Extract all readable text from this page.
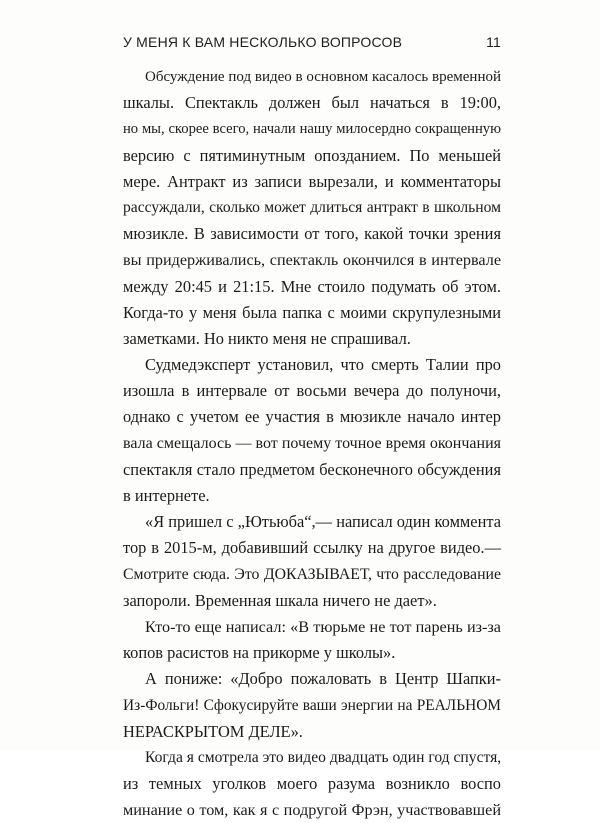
У МЕНЯ К ВАМ НЕСКОЛЬКО ВОПРОСОВ	11
Обсуждение под видео в основном касалось временной
шкалы. Спектакль должен был начаться в 19:00,
но мы, скорее всего, начали нашу милосердно сокращенную
версию с пятиминутным опозданием. По меньшей
мере. Антракт из записи вырезали, и комментаторы
рассуждали, сколько может длиться антракт в школьном
мюзикле. В зависимости от того, какой точки зрения
вы придерживались, спектакль окончился в интервале
между 20:45 и 21:15. Мне стоило подумать об этом.
Когда-то у меня была папка с моими скрупулезными
заметками. Но никто меня не спрашивал.
Судмедэксперт установил, что смерть Талии про
изошла в интервале от восьми вечера до полуночи,
однако с учетом ее участия в мюзикле начало интер
вала смещалось — вот почему точное время окончания
спектакля стало предметом бесконечного обсуждения
в интернете.
«Я пришел с „Ютьюба“,— написал один коммента
тор в 2015-м, добавивший ссылку на другое видео.—
Смотрите сюда. Это ДОКАЗЫВАЕТ, что расследование
запороли. Временная шкала ничего не дает».
Кто-то еще написал: «В тюрьме не тот парень из-за
копов расистов на прикорме у школы».
А пониже: «Добро пожаловать в Центр Шапки-
Из-Фольги! Сфокусируйте ваши энергии на РЕАЛЬНОМ
НЕРАСКРЫТОМ ДЕЛЕ».
Когда я смотрела это видео двадцать один год спустя,
из темных уголков моего разума возникло воспо
минание о том, как я с подругой Фрэн, участвовавшей
